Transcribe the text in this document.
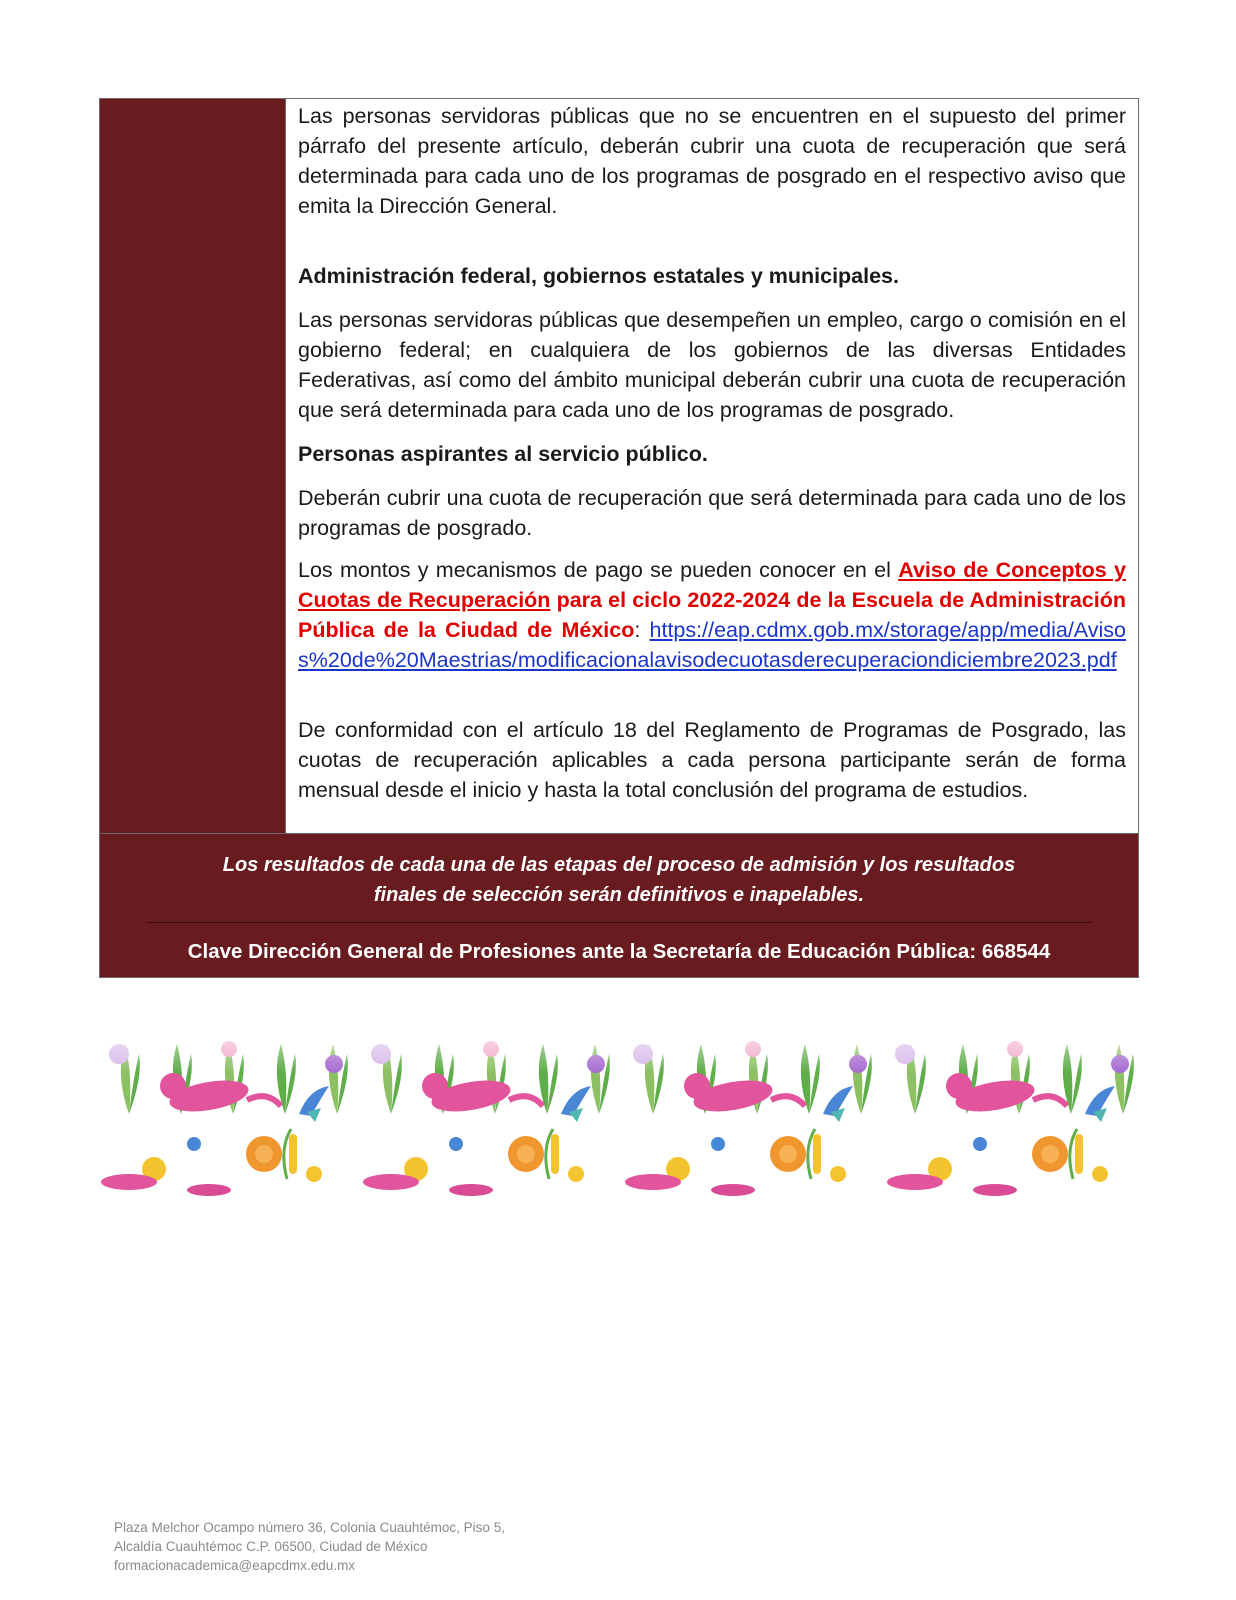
Las personas servidoras públicas que no se encuentren en el supuesto del primer párrafo del presente artículo, deberán cubrir una cuota de recuperación que será determinada para cada uno de los programas de posgrado en el respectivo aviso que emita la Dirección General.

Administración federal, gobiernos estatales y municipales.

Las personas servidoras públicas que desempeñen un empleo, cargo o comisión en el gobierno federal; en cualquiera de los gobiernos de las diversas Entidades Federativas, así como del ámbito municipal deberán cubrir una cuota de recuperación que será determinada para cada uno de los programas de posgrado.

Personas aspirantes al servicio público.

Deberán cubrir una cuota de recuperación que será determinada para cada uno de los programas de posgrado.

Los montos y mecanismos de pago se pueden conocer en el Aviso de Conceptos y Cuotas de Recuperación para el ciclo 2022-2024 de la Escuela de Administración Pública de la Ciudad de México: https://eap.cdmx.gob.mx/storage/app/media/Avisos%20de%20Maestrias/modificacionalavisodecuotasderecuperaciondiciembre2023.pdf

De conformidad con el artículo 18 del Reglamento de Programas de Posgrado, las cuotas de recuperación aplicables a cada persona participante serán de forma mensual desde el inicio y hasta la total conclusión del programa de estudios.

Los resultados de cada una de las etapas del proceso de admisión y los resultados
finales de selección serán definitivos e inapelables.
Clave Dirección General de Profesiones ante la Secretaría de Educación Pública: 668544
Plaza Melchor Ocampo número 36, Colonia Cuauhtémoc, Piso 5,
Alcaldía Cuauhtémoc C.P. 06500, Ciudad de México
formacionacademica@eapcdmx.edu.mx
